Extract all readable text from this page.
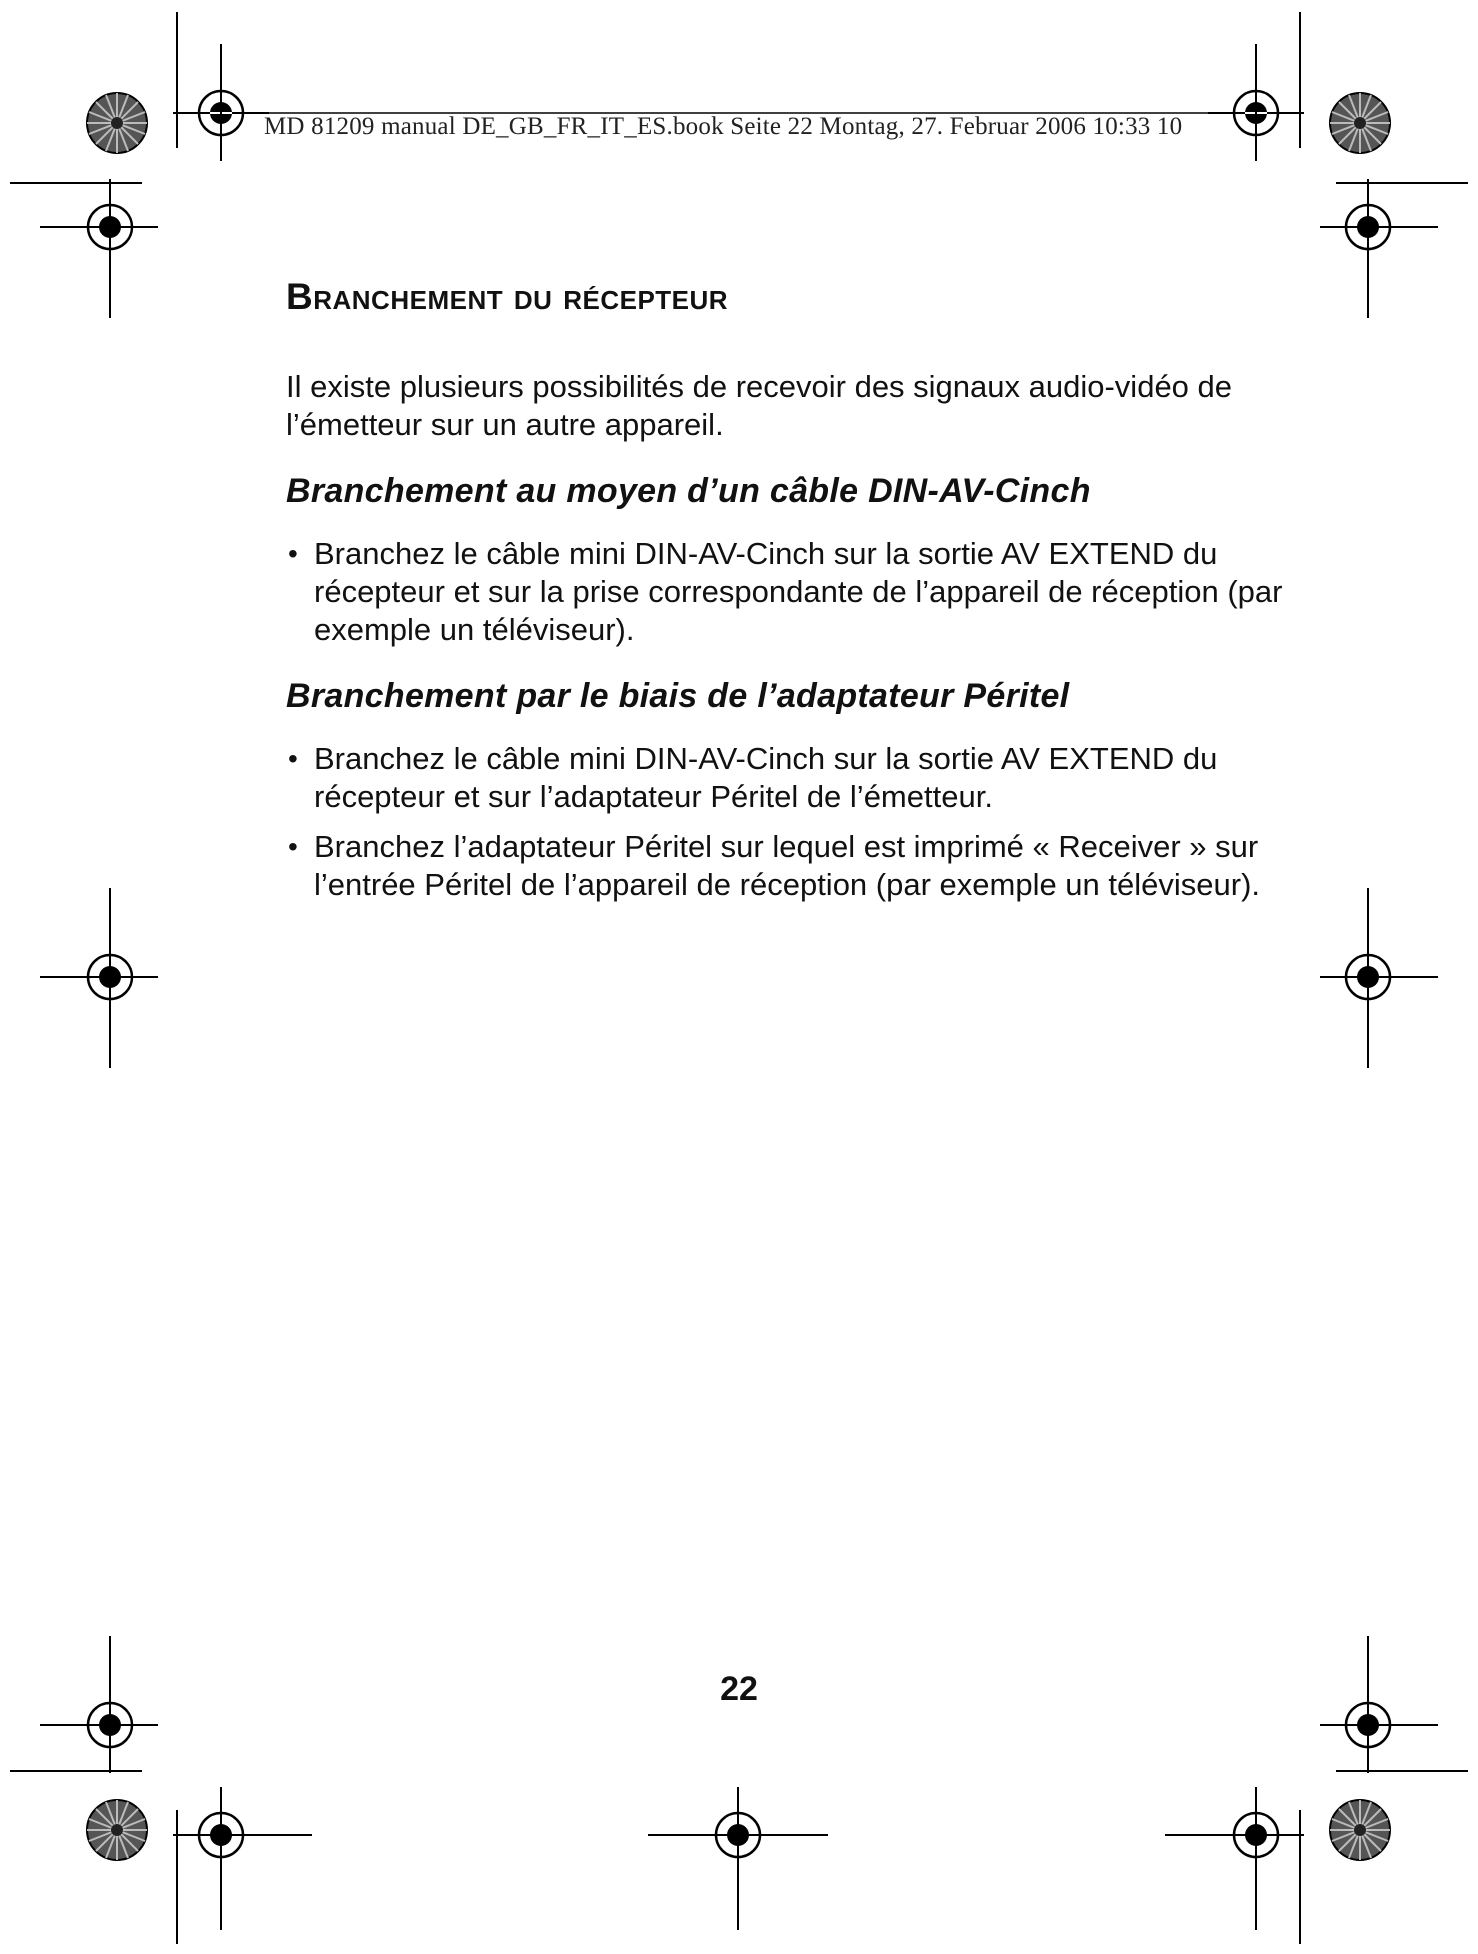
MD 81209 manual DE_GB_FR_IT_ES.book Seite 22 Montag, 27. Februar 2006 10:33 10
Branchement du récepteur

Il existe plusieurs possibilités de recevoir des signaux audio-vidéo de l’émetteur sur un autre appareil.

Branchement au moyen d’un câble DIN-AV-Cinch
• Branchez le câble mini DIN-AV-Cinch sur la sortie AV EXTEND du récepteur et sur la prise correspondante de l’appareil de réception (par exemple un téléviseur).
Branchement par le biais de l’adaptateur Péritel
• Branchez le câble mini DIN-AV-Cinch sur la sortie AV EXTEND du récepteur et sur l’adaptateur Péritel de l’émetteur.
• Branchez l’adaptateur Péritel sur lequel est imprimé « Receiver » sur l’entrée Péritel de l’appareil de réception (par exemple un téléviseur).
22
